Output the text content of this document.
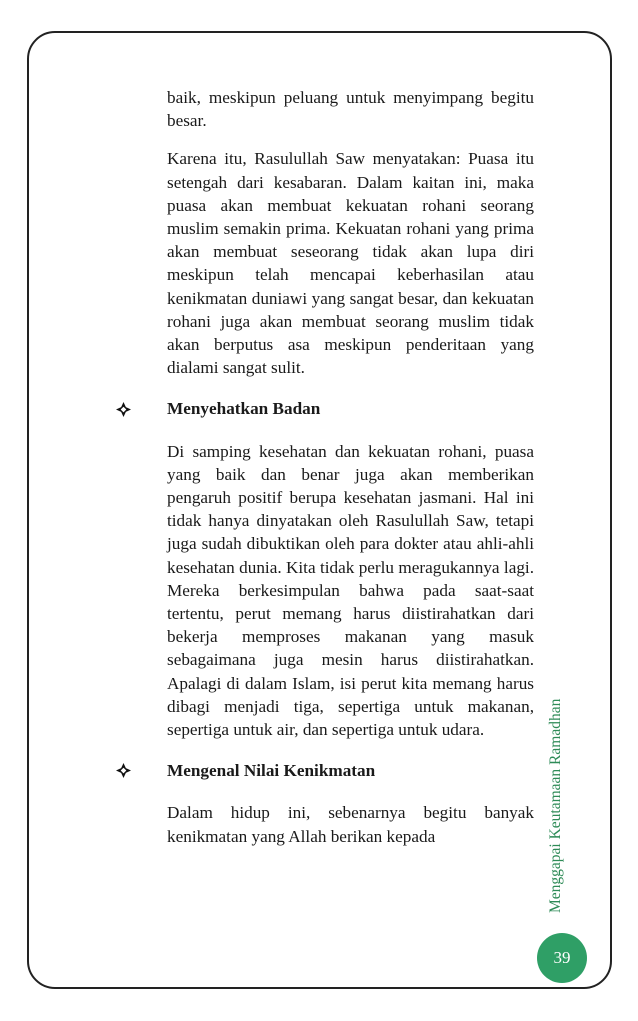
baik, meskipun peluang untuk menyimpang begitu besar.

Karena itu, Rasulullah Saw menyatakan: Puasa itu setengah dari kesabaran. Dalam kaitan ini, maka puasa akan membuat kekuatan rohani seorang muslim semakin prima. Kekuatan rohani yang prima akan membuat seseorang tidak akan lupa diri meskipun telah mencapai keberhasilan atau kenikmatan duniawi yang sangat besar, dan kekuatan rohani juga akan membuat seorang muslim tidak akan berputus asa meskipun penderitaan yang dialami sangat sulit.

Menyehatkan Badan

Di samping kesehatan dan kekuatan rohani, puasa yang baik dan benar juga akan memberikan pengaruh positif berupa kesehatan jasmani. Hal ini tidak hanya dinyatakan oleh Rasulullah Saw, tetapi juga sudah dibuktikan oleh para dokter atau ahli-ahli kesehatan dunia. Kita tidak perlu meragukannya lagi. Mereka berkesimpulan bahwa pada saat-saat tertentu, perut memang harus diistirahatkan dari bekerja memproses makanan yang masuk sebagaimana juga mesin harus diistirahatkan. Apalagi di dalam Islam, isi perut kita memang harus dibagi menjadi tiga, sepertiga untuk makanan, sepertiga untuk air, dan sepertiga untuk udara.

Mengenal Nilai Kenikmatan

Dalam hidup ini, sebenarnya begitu banyak kenikmatan yang Allah berikan kepada	Menggapai Keutamaan Ramadhan
39
